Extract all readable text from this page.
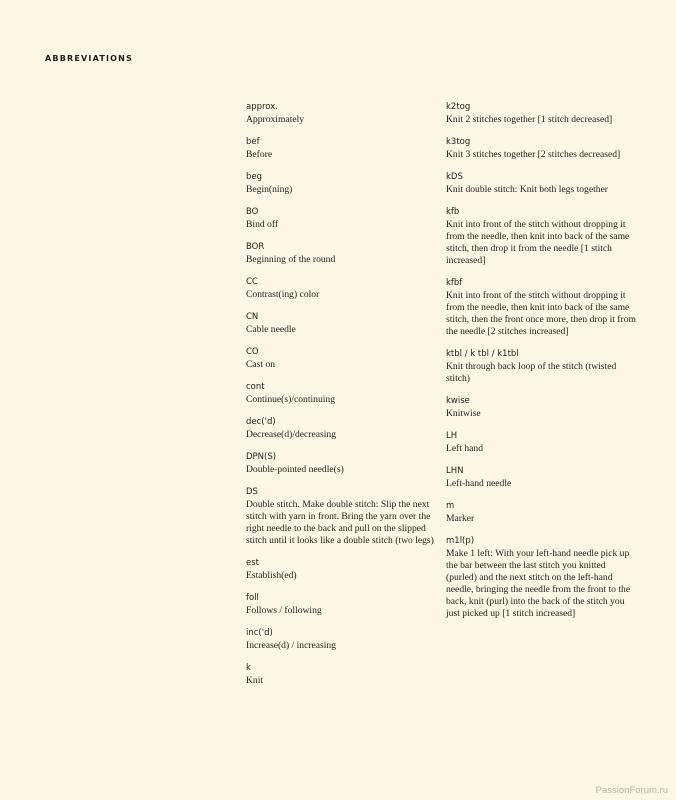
ABBREVIATIONS
approx.
Approximately
bef
Before
beg
Begin(ning)
BO
Bind off
BOR
Beginning of the round
CC
Contrast(ing) color
CN
Cable needle
CO
Cast on
cont
Continue(s)/continuing
dec('d)
Decrease(d)/decreasing
DPN(S)
Double-pointed needle(s)
DS
Double stitch. Make double stitch: Slip the next stitch with yarn in front. Bring the yarn over the right needle to the back and pull on the slipped stitch until it looks like a double stitch (two legs)
est
Establish(ed)
foll
Follows / following
inc('d)
Increase(d) / increasing
k
Knit
k2tog
Knit 2 stitches together [1 stitch decreased]
k3tog
Knit 3 stitches together [2 stitches decreased]
kDS
Knit double stitch: Knit both legs together
kfb
Knit into front of the stitch without dropping it from the needle, then knit into back of the same stitch, then drop it from the needle [1 stitch increased]
kfbf
Knit into front of the stitch without dropping it from the needle, then knit into back of the same stitch, then the front once more, then drop it from the needle [2 stitches increased]
ktbl / k tbl / k1tbl
Knit through back loop of the stitch (twisted stitch)
kwise
Knitwise
LH
Left hand
LHN
Left-hand needle
m
Marker
m1l(p)
Make 1 left: With your left-hand needle pick up the bar between the last stitch you knitted (purled) and the next stitch on the left-hand needle, bringing the needle from the front to the back, knit (purl) into the back of the stitch you just picked up [1 stitch increased]
PassionForum.ru
